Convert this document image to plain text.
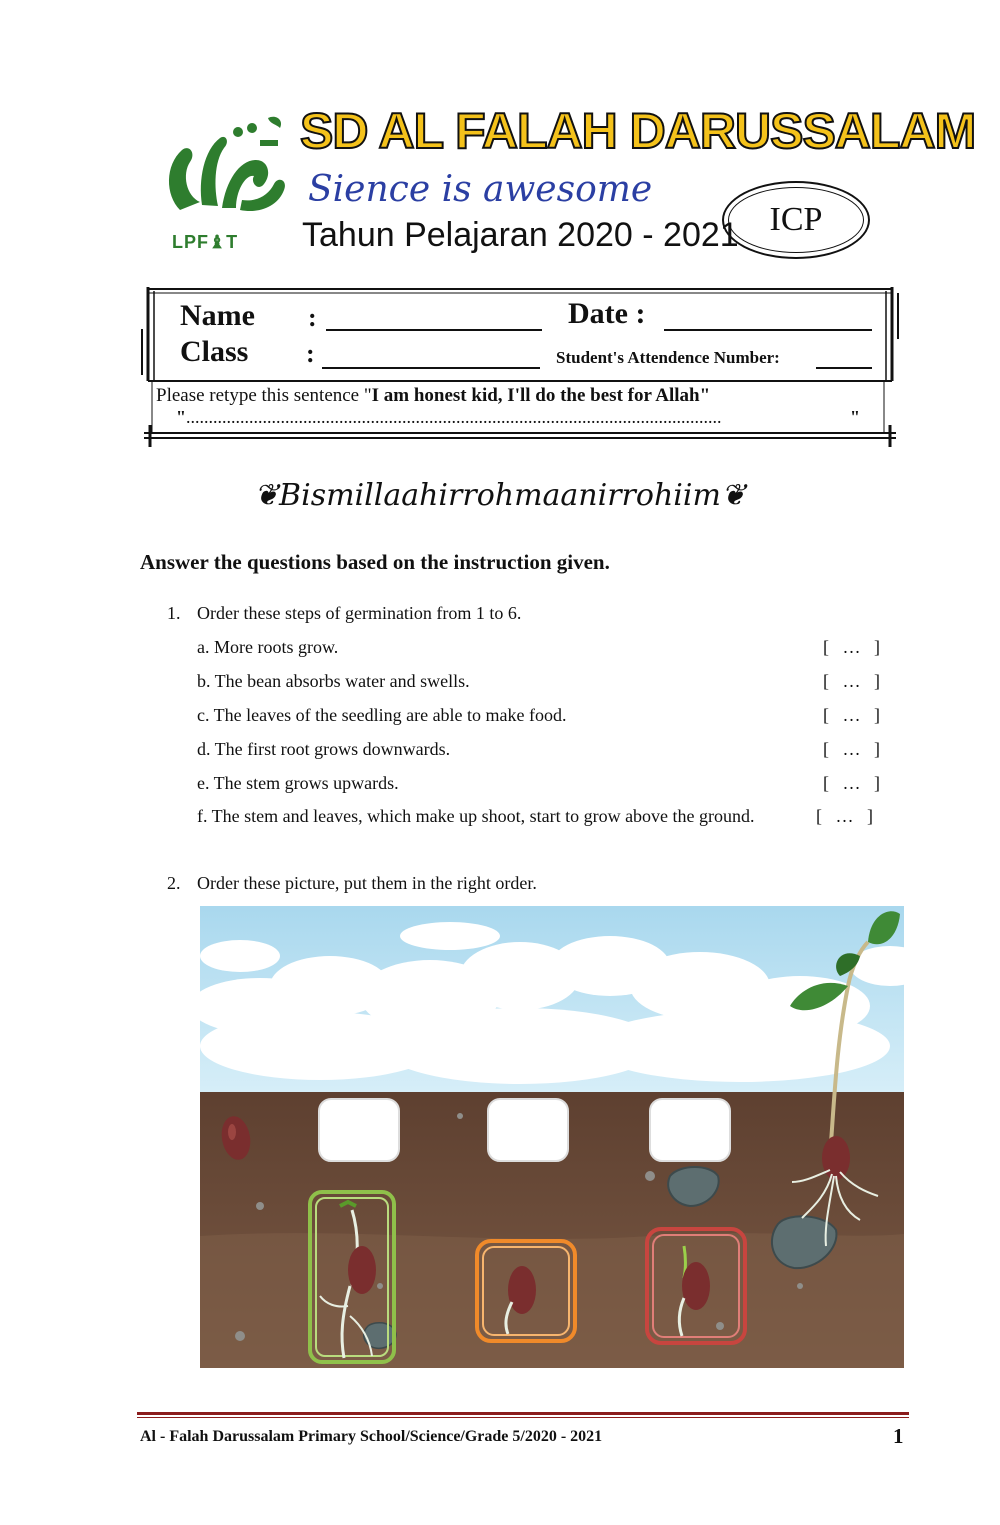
LPF♝T
SD AL FALAH DARUSSALAM
Sience is awesome
Tahun Pelajaran 2020 - 2021 ICP
Name :	Date :
Class :	Student's Attendence Number:
Please retype this sentence "I am honest kid, I'll do the best for Allah"
".......................................................................................................................	"
❦Bismillaahirrohmaanirrohiim❦
Answer the questions based on the instruction given.
1. Order these steps of germination from 1 to 6.
a. More roots grow.	[   …   ]
b. The bean absorbs water and swells.	[   …   ]
c. The leaves of the seedling are able to make food.	[   …   ]
d. The first root grows downwards.	[   …   ]
e. The stem grows upwards.	[   …   ]
f. The stem and leaves, which make up shoot, start to grow above the ground.	[   …   ]
2. Order these picture, put them in the right order.
Al - Falah Darussalam Primary School/Science/Grade 5/2020 - 2021	1
